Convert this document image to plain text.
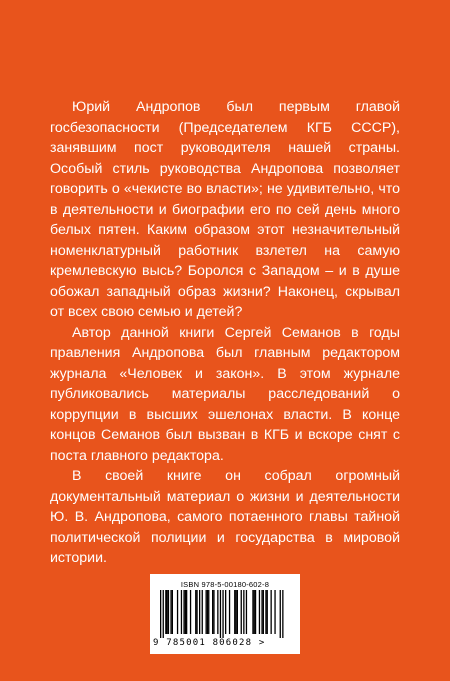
Юрий Андропов был первым главой госбезопасности (Председателем КГБ СССР), занявшим пост руководителя нашей страны. Особый стиль руководства Андропова позволяет говорить о «чекисте во власти»; не удивительно, что в деятельности и биографии его по сей день много белых пятен. Каким образом этот незначительный номенклатурный работник взлетел на самую кремлевскую высь? Боролся с Западом – и в душе обожал западный образ жизни? Наконец, скрывал от всех свою семью и детей?

Автор данной книги Сергей Семанов в годы правления Андропова был главным редактором журнала «Человек и закон». В этом журнале публиковались материалы расследований о коррупции в высших эшелонах власти. В конце концов Семанов был вызван в КГБ и вскоре снят с поста главного редактора.

В своей книге он собрал огромный документальный материал о жизни и деятельности Ю. В. Андропова, самого потаенного главы тайной политической полиции и государства в мировой истории.

ISBN 978-5-00180-602-8
9 785001 806028 >
